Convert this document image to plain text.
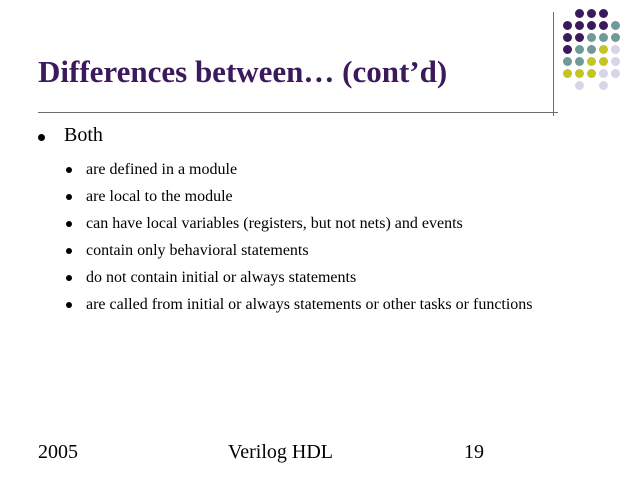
Differences between… (cont’d)
Both
are defined in a module
are local to the module
can have local variables (registers, but not nets) and events
contain only behavioral statements
do not contain initial or always statements
are called from initial or always statements or other tasks or functions
2005	Verilog HDL	19
